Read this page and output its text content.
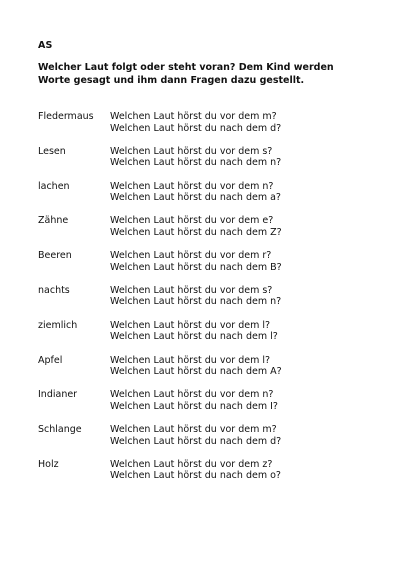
AS
Welcher Laut folgt oder steht voran? Dem Kind werden Worte gesagt und ihm dann Fragen dazu gestellt.
Fledermaus	Welchen Laut hörst du vor dem m?
Welchen Laut hörst du nach dem d?
Lesen	Welchen Laut hörst du vor dem s?
Welchen Laut hörst du nach dem n?
lachen	Welchen Laut hörst du vor dem n?
Welchen Laut hörst du nach dem a?
Zähne	Welchen Laut hörst du vor dem e?
Welchen Laut hörst du nach dem Z?
Beeren	Welchen Laut hörst du vor dem r?
Welchen Laut hörst du nach dem B?
nachts	Welchen Laut hörst du vor dem s?
Welchen Laut hörst du nach dem n?
ziemlich	Welchen Laut hörst du vor dem l?
Welchen Laut hörst du nach dem l?
Apfel	Welchen Laut hörst du vor dem l?
Welchen Laut hörst du nach dem A?
Indianer	Welchen Laut hörst du vor dem n?
Welchen Laut hörst du nach dem I?
Schlange	Welchen Laut hörst du vor dem m?
Welchen Laut hörst du nach dem d?
Holz	Welchen Laut hörst du vor dem z?
Welchen Laut hörst du nach dem o?
